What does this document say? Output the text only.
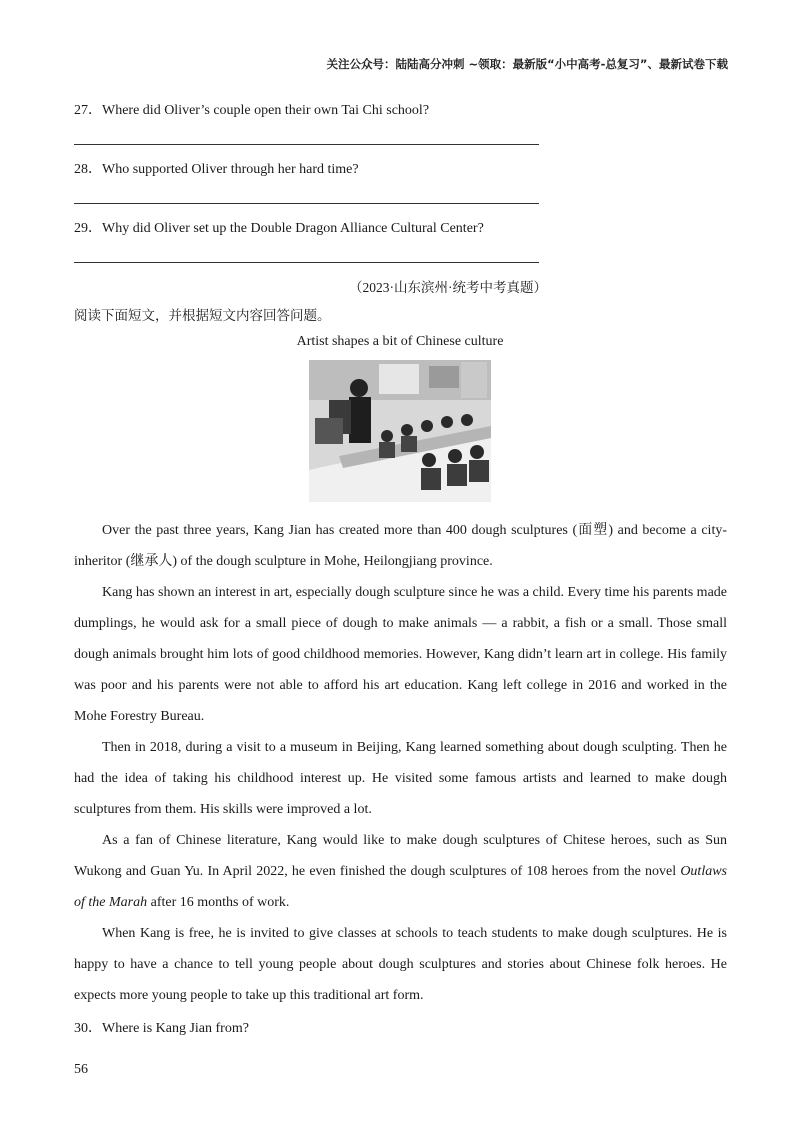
关注公众号：陆陆高分冲刺 ~领取：最新版“小中高考-总复习”、最新试卷下载
27．Where did Oliver’s couple open their own Tai Chi school?
28．Who supported Oliver through her hard time?
29．Why did Oliver set up the Double Dragon Alliance Cultural Center?
（2023·山东滨州·统考中考真题）
阅读下面短文，并根据短文内容回答问题。
Artist shapes a bit of Chinese culture

Over the past three years, Kang Jian has created more than 400 dough sculptures (面塑) and become a city-inheritor (继承人) of the dough sculpture in Mohe, Heilongjiang province.

Kang has shown an interest in art, especially dough sculpture since he was a child. Every time his parents made dumplings, he would ask for a small piece of dough to make animals — a rabbit, a fish or a small. Those small dough animals brought him lots of good childhood memories. However, Kang didn’t learn art in college. His family was poor and his parents were not able to afford his art education. Kang left college in 2016 and worked in the Mohe Forestry Bureau.

Then in 2018, during a visit to a museum in Beijing, Kang learned something about dough sculpting. Then he had the idea of taking his childhood interest up. He visited some famous artists and learned to make dough sculptures from them. His skills were improved a lot.

As a fan of Chinese literature, Kang would like to make dough sculptures of Chitese heroes, such as Sun Wukong and Guan Yu. In April 2022, he even finished the dough sculptures of 108 heroes from the novel Outlaws of the Marah after 16 months of work.

When Kang is free, he is invited to give classes at schools to teach students to make dough sculptures. He is happy to have a chance to tell young people about dough sculptures and stories about Chinese folk heroes. He expects more young people to take up this traditional art form.

30．Where is Kang Jian from?
56
